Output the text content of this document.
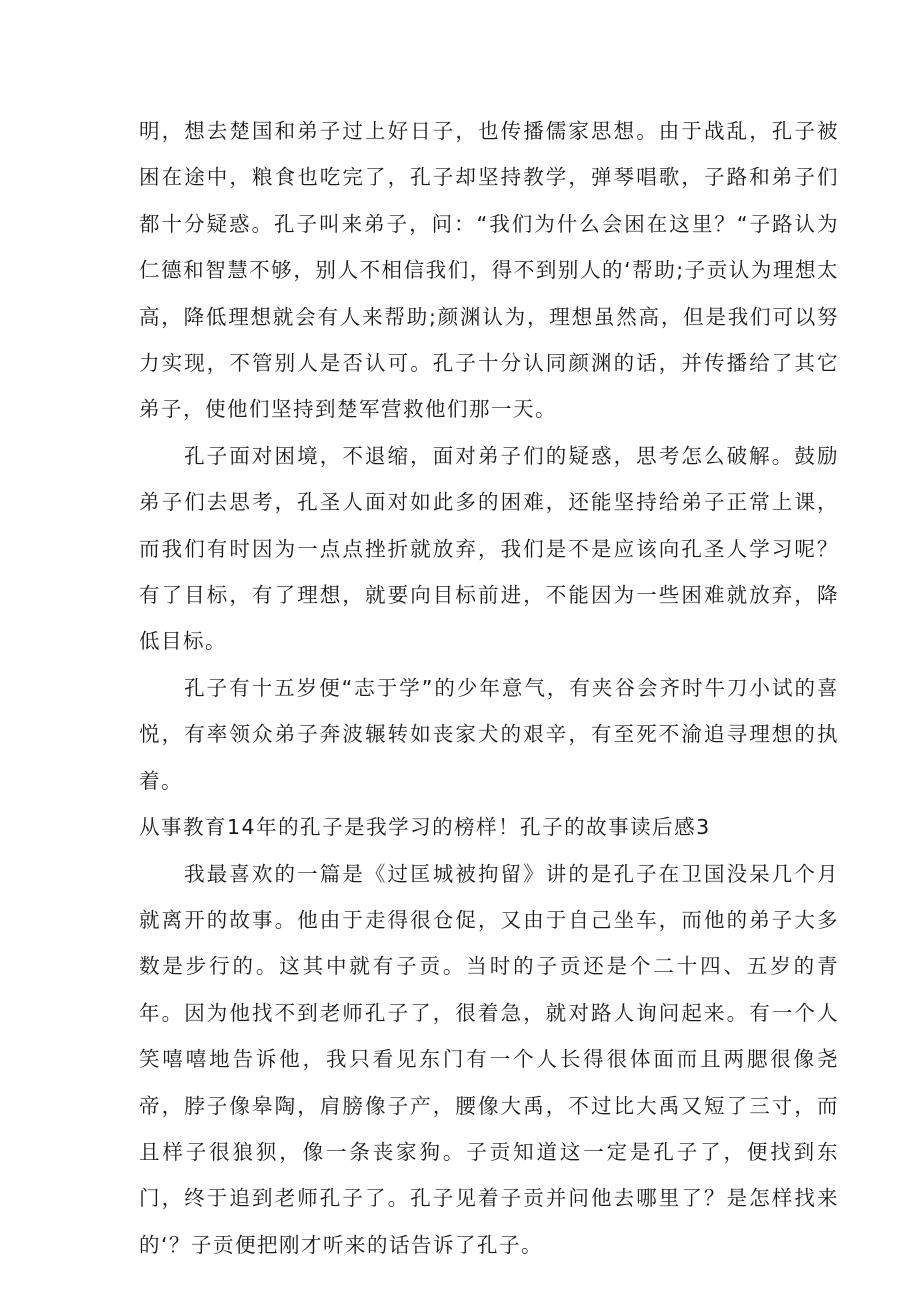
明，想去楚国和弟子过上好日子，也传播儒家思想。由于战乱，孔子被困在途中，粮食也吃完了，孔子却坚持教学，弹琴唱歌，子路和弟子们都十分疑惑。孔子叫来弟子，问：“我们为什么会困在这里？“子路认为仁德和智慧不够，别人不相信我们，得不到别人的‘帮助;子贡认为理想太高，降低理想就会有人来帮助;颜渊认为，理想虽然高，但是我们可以努力实现，不管别人是否认可。孔子十分认同颜渊的话，并传播给了其它弟子，使他们坚持到楚军营救他们那一天。

孔子面对困境，不退缩，面对弟子们的疑惑，思考怎么破解。鼓励弟子们去思考，孔圣人面对如此多的困难，还能坚持给弟子正常上课，而我们有时因为一点点挫折就放弃，我们是不是应该向孔圣人学习呢？有了目标，有了理想，就要向目标前进，不能因为一些困难就放弃，降低目标。

孔子有十五岁便“志于学”的少年意气，有夹谷会齐时牛刀小试的喜悦，有率领众弟子奔波辗转如丧家犬的艰辛，有至死不渝追寻理想的执着。

从事教育14年的孔子是我学习的榜样！孔子的故事读后感3

我最喜欢的一篇是《过匡城被拘留》讲的是孔子在卫国没呆几个月就离开的故事。他由于走得很仓促，又由于自己坐车，而他的弟子大多数是步行的。这其中就有子贡。当时的子贡还是个二十四、五岁的青年。因为他找不到老师孔子了，很着急，就对路人询问起来。有一个人笑嘻嘻地告诉他，我只看见东门有一个人长得很体面而且两腮很像尧帝，脖子像皋陶，肩膀像子产，腰像大禹，不过比大禹又短了三寸，而且样子很狼狈，像一条丧家狗。子贡知道这一定是孔子了，便找到东门，终于追到老师孔子了。孔子见着子贡并问他去哪里了？是怎样找来的‘？子贡便把刚才听来的话告诉了孔子。
